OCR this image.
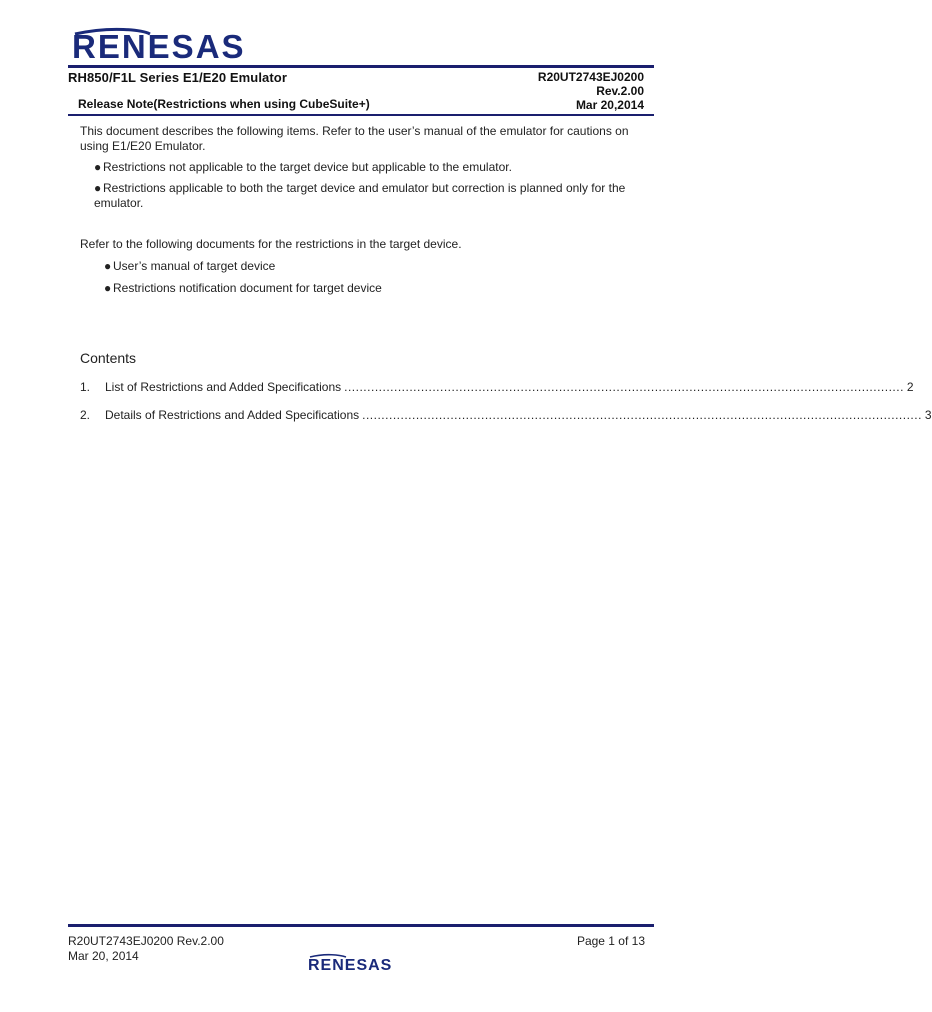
RENESAS
RH850/F1L Series E1/E20 Emulator	R20UT2743EJ0200
Rev.2.00
Release Note(Restrictions when using CubeSuite+)	Mar 20,2014
This document describes the following items. Refer to the user’s manual of the emulator for cautions on using E1/E20 Emulator.
● Restrictions not applicable to the target device but applicable to the emulator.
● Restrictions applicable to both the target device and emulator but correction is planned only for the emulator.
Refer to the following documents for the restrictions in the target device.
● User’s manual of target device
● Restrictions notification document for target device
Contents
1.	List of Restrictions and Added Specifications .................................................................................................................................................. 2
2.	Details of Restrictions and Added Specifications .................................................................................................................................................. 3
R20UT2743EJ0200 Rev.2.00
Mar 20, 2014
Page 1 of 13
RENESAS
